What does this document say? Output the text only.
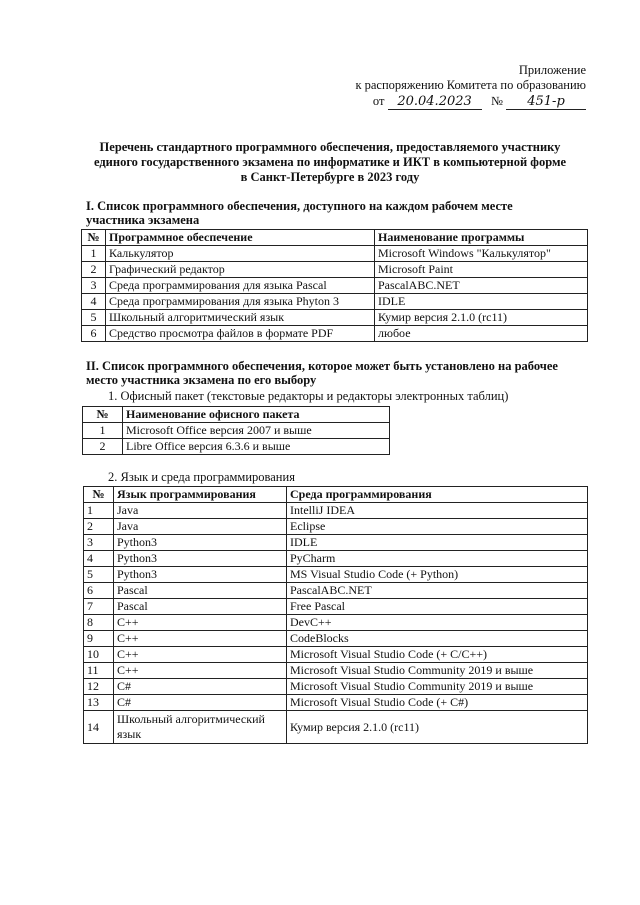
Приложение
к распоряжению Комитета по образованию
от 20.04.2023 № 451-р
Перечень стандартного программного обеспечения, предоставляемого участнику
единого государственного экзамена по информатике и ИКТ в компьютерной форме
в Санкт-Петербурге в 2023 году
I. Список программного обеспечения, доступного на каждом рабочем месте
участника экзамена
№	Программное обеспечение	Наименование программы
1	Калькулятор	Microsoft Windows "Калькулятор"
2	Графический редактор	Microsoft Paint
3	Среда программирования для языка Pascal	PascalABC.NET
4	Среда программирования для языка Phyton 3	IDLE
5	Школьный алгоритмический язык	Кумир версия 2.1.0 (rc11)
6	Средство просмотра файлов в формате PDF	любое
II. Список программного обеспечения, которое может быть установлено на рабочее
место участника экзамена по его выбору
1. Офисный пакет (текстовые редакторы и редакторы электронных таблиц)
№	Наименование офисного пакета
1	Microsoft Office версия 2007 и выше
2	Libre Office версия 6.3.6 и выше
2. Язык и среда программирования
№	Язык программирования	Среда программирования
1	Java	IntelliJ IDEA
2	Java	Eclipse
3	Python3	IDLE
4	Python3	PyCharm
5	Python3	MS Visual Studio Code (+ Python)
6	Pascal	PascalABC.NET
7	Pascal	Free Pascal
8	C++	DevC++
9	C++	CodeBlocks
10	C++	Microsoft Visual Studio Code (+ C/C++)
11	C++	Microsoft Visual Studio Community 2019 и выше
12	C#	Microsoft Visual Studio Community 2019 и выше
13	C#	Microsoft Visual Studio Code (+ C#)
14	Школьный алгоритмический язык	Кумир версия 2.1.0 (rc11)
